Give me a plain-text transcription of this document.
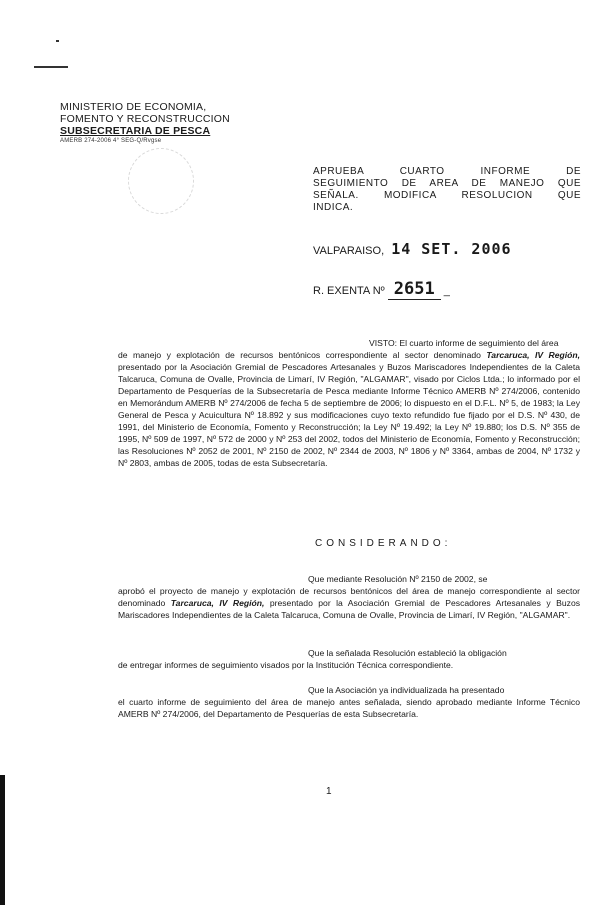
MINISTERIO DE ECONOMIA,
FOMENTO Y RECONSTRUCCION
SUBSECRETARIA DE PESCA
AMERB 274-2006 4° SEG-Q/Rvgse
APRUEBA CUARTO INFORME DE
SEGUIMIENTO DE AREA DE MANEJO QUE
SEÑALA. MODIFICA RESOLUCION QUE
INDICA.
VALPARAISO, 14 SET. 2006
R. EXENTA Nº 2651 _
VISTO: El cuarto informe de seguimiento del área
de manejo y explotación de recursos bentónicos correspondiente al sector denominado Tarcaruca, IV Región, presentado por la Asociación Gremial de Pescadores Artesanales y Buzos Mariscadores Independientes de la Caleta Talcaruca, Comuna de Ovalle, Provincia de Limarí, IV Región, "ALGAMAR", visado por Ciclos Ltda.; lo informado por el Departamento de Pesquerías de la Subsecretaría de Pesca mediante Informe Técnico AMERB Nº 274/2006, contenido en Memorándum AMERB Nº 274/2006 de fecha 5 de septiembre de 2006; lo dispuesto en el D.F.L. Nº 5, de 1983; la Ley General de Pesca y Acuicultura Nº 18.892 y sus modificaciones cuyo texto refundido fue fijado por el D.S. Nº 430, de 1991, del Ministerio de Economía, Fomento y Reconstrucción; la Ley Nº 19.492; la Ley Nº 19.880; los D.S. Nº 355 de 1995, Nº 509 de 1997, Nº 572 de 2000 y Nº 253 del 2002, todos del Ministerio de Economía, Fomento y Reconstrucción; las Resoluciones Nº 2052 de 2001, Nº 2150 de 2002, Nº 2344 de 2003, Nº 1806 y Nº 3364, ambas de 2004, Nº 1732 y Nº 2803, ambas de 2005, todas de esta Subsecretaría.
CONSIDERANDO:
Que mediante Resolución Nº 2150 de 2002, se
aprobó el proyecto de manejo y explotación de recursos bentónicos del área de manejo correspondiente al sector denominado Tarcaruca, IV Región, presentado por la Asociación Gremial de Pescadores Artesanales y Buzos Mariscadores Independientes de la Caleta Talcaruca, Comuna de Ovalle, Provincia de Limarí, IV Región, "ALGAMAR".
Que la señalada Resolución estableció la obligación
de entregar informes de seguimiento visados por la Institución Técnica correspondiente.
Que la Asociación ya individualizada ha presentado
el cuarto informe de seguimiento del área de manejo antes señalada, siendo aprobado mediante Informe Técnico AMERB Nº 274/2006, del Departamento de Pesquerías de esta Subsecretaría.
1
